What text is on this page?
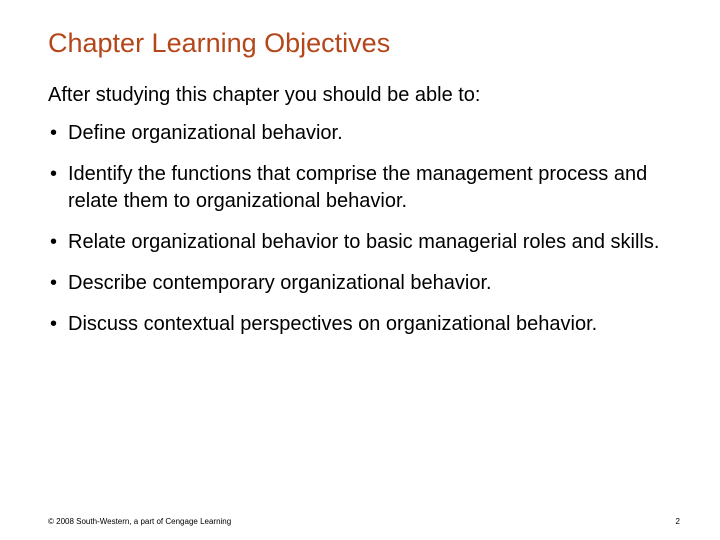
Chapter Learning Objectives
After studying this chapter you should be able to:
• Define organizational behavior.
• Identify the functions that comprise the management process and relate them to organizational behavior.
• Relate organizational behavior to basic managerial roles and skills.
• Describe contemporary organizational behavior.
• Discuss contextual perspectives on organizational behavior.
© 2008 South-Western, a part of Cengage Learning	2
